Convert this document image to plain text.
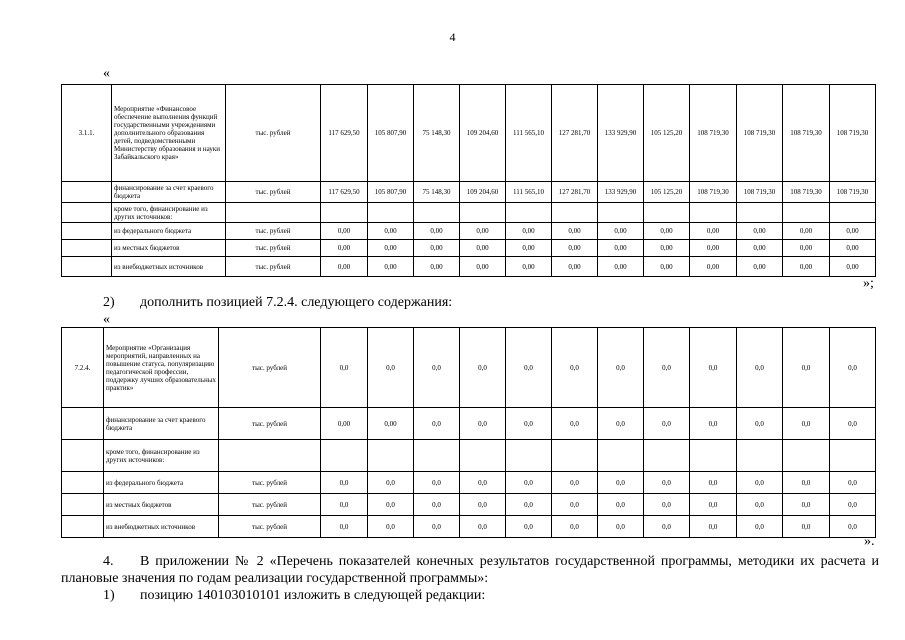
4
«
3.1.1.	Мероприятие «Финансовое обеспечение выполнения функций государственными учреждениями дополнительного образования детей, подведомственными Министерству образования и науки Забайкальского края»	тыс. рублей	117 629,50	105 807,90	75 148,30	109 204,60	111 565,10	127 281,70	133 929,90	105 125,20	108 719,30	108 719,30	108 719,30	108 719,30
	финансирование за счет краевого бюджета	тыс. рублей	117 629,50	105 807,90	75 148,30	109 204,60	111 565,10	127 281,70	133 929,90	105 125,20	108 719,30	108 719,30	108 719,30	108 719,30
	кроме того, финансирование из других источников:													
	из федерального бюджета	тыс. рублей	0,00	0,00	0,00	0,00	0,00	0,00	0,00	0,00	0,00	0,00	0,00	0,00
	из местных бюджетов	тыс. рублей	0,00	0,00	0,00	0,00	0,00	0,00	0,00	0,00	0,00	0,00	0,00	0,00
	из внебюджетных источников	тыс. рублей	0,00	0,00	0,00	0,00	0,00	0,00	0,00	0,00	0,00	0,00	0,00	0,00
»;
2) дополнить позицией 7.2.4. следующего содержания:
«
7.2.4.	Мероприятие «Организация мероприятий, направленных на повышение статуса, популяризацию педагогической профессии, поддержку лучших образовательных практик»	тыс. рублей	0,0	0,0	0,0	0,0	0,0	0,0	0,0	0,0	0,0	0,0	0,0	0,0
	финансирование за счет краевого бюджета	тыс. рублей	0,00	0,00	0,0	0,0	0,0	0,0	0,0	0,0	0,0	0,0	0,0	0,0
	кроме того, финансирование из других источников:													
	из федерального бюджета	тыс. рублей	0,0	0,0	0,0	0,0	0,0	0,0	0,0	0,0	0,0	0,0	0,0	0,0
	из местных бюджетов	тыс. рублей	0,0	0,0	0,0	0,0	0,0	0,0	0,0	0,0	0,0	0,0	0,0	0,0
	из внебюджетных источников	тыс. рублей	0,0	0,0	0,0	0,0	0,0	0,0	0,0	0,0	0,0	0,0	0,0	0,0
».
4.	В приложении № 2 «Перечень показателей конечных результатов государственной программы, методики их расчета и плановые значения по годам реализации государственной программы»:
1) позицию 140103010101 изложить в следующей редакции:
